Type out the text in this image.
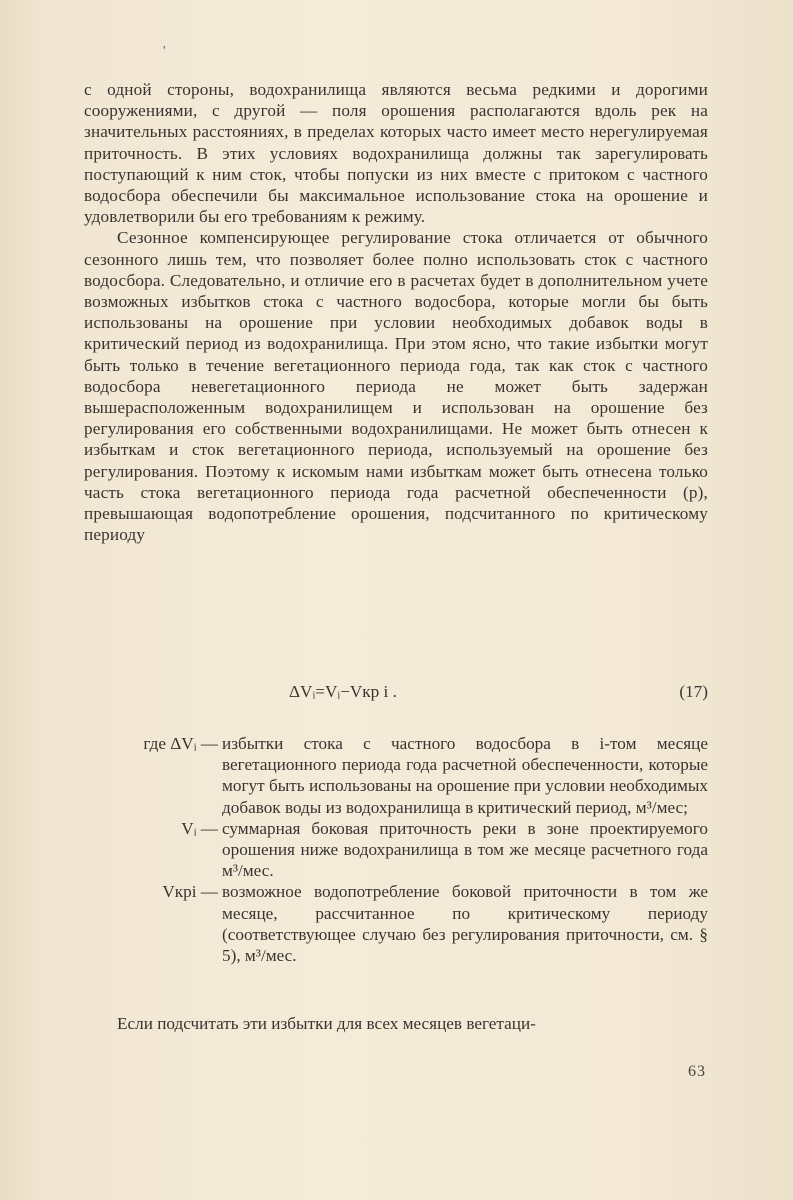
'

с одной стороны, водохранилища являются весьма редкими и дорогими сооружениями, с другой — поля орошения располагаются вдоль рек на значительных расстояниях, в пределах которых часто имеет место нерегулируемая приточность. В этих условиях водохранилища должны так зарегулировать поступающий к ним сток, чтобы попуски из них вместе с притоком с частного водосбора обеспечили бы максимальное использование стока на орошение и удовлетворили бы его требованиям к режиму.

Сезонное компенсирующее регулирование стока отличается от обычного сезонного лишь тем, что позволяет более полно использовать сток с частного водосбора. Следовательно, и отличие его в расчетах будет в дополнительном учете возможных избытков стока с частного водосбора, которые могли бы быть использованы на орошение при условии необходимых добавок воды в критический период из водохранилища. При этом ясно, что такие избытки могут быть только в течение вегетационного периода года, так как сток с частного водосбора невегетационного периода не может быть задержан вышерасположенным водохранилищем и использован на орошение без регулирования его собственными водохранилищами. Не может быть отнесен к избыткам и сток вегетационного периода, используемый на орошение без регулирования. Поэтому к искомым нами избыткам может быть отнесена только часть стока вегетационного периода года расчетной обеспеченности (p), превышающая водопотребление орошения, подсчитанного по критическому периоду

ΔVᵢ=Vᵢ−Vкр i .	(17)
где ΔVᵢ — избытки стока с частного водосбора в i-том месяце вегетационного периода года расчетной обеспеченности, которые могут быть использованы на орошение при условии необходимых добавок воды из водохранилища в критический период, м³/мес;
Vᵢ — суммарная боковая приточность реки в зоне проектируемого орошения ниже водохранилища в том же месяце расчетного года м³/мес.
Vкрi — возможное водопотребление боковой приточности в том же месяце, рассчитанное по критическому периоду (соответствующее случаю без регулирования приточности, см. § 5), м³/мес.
Если подсчитать эти избытки для всех месяцев вегетаци-
63
